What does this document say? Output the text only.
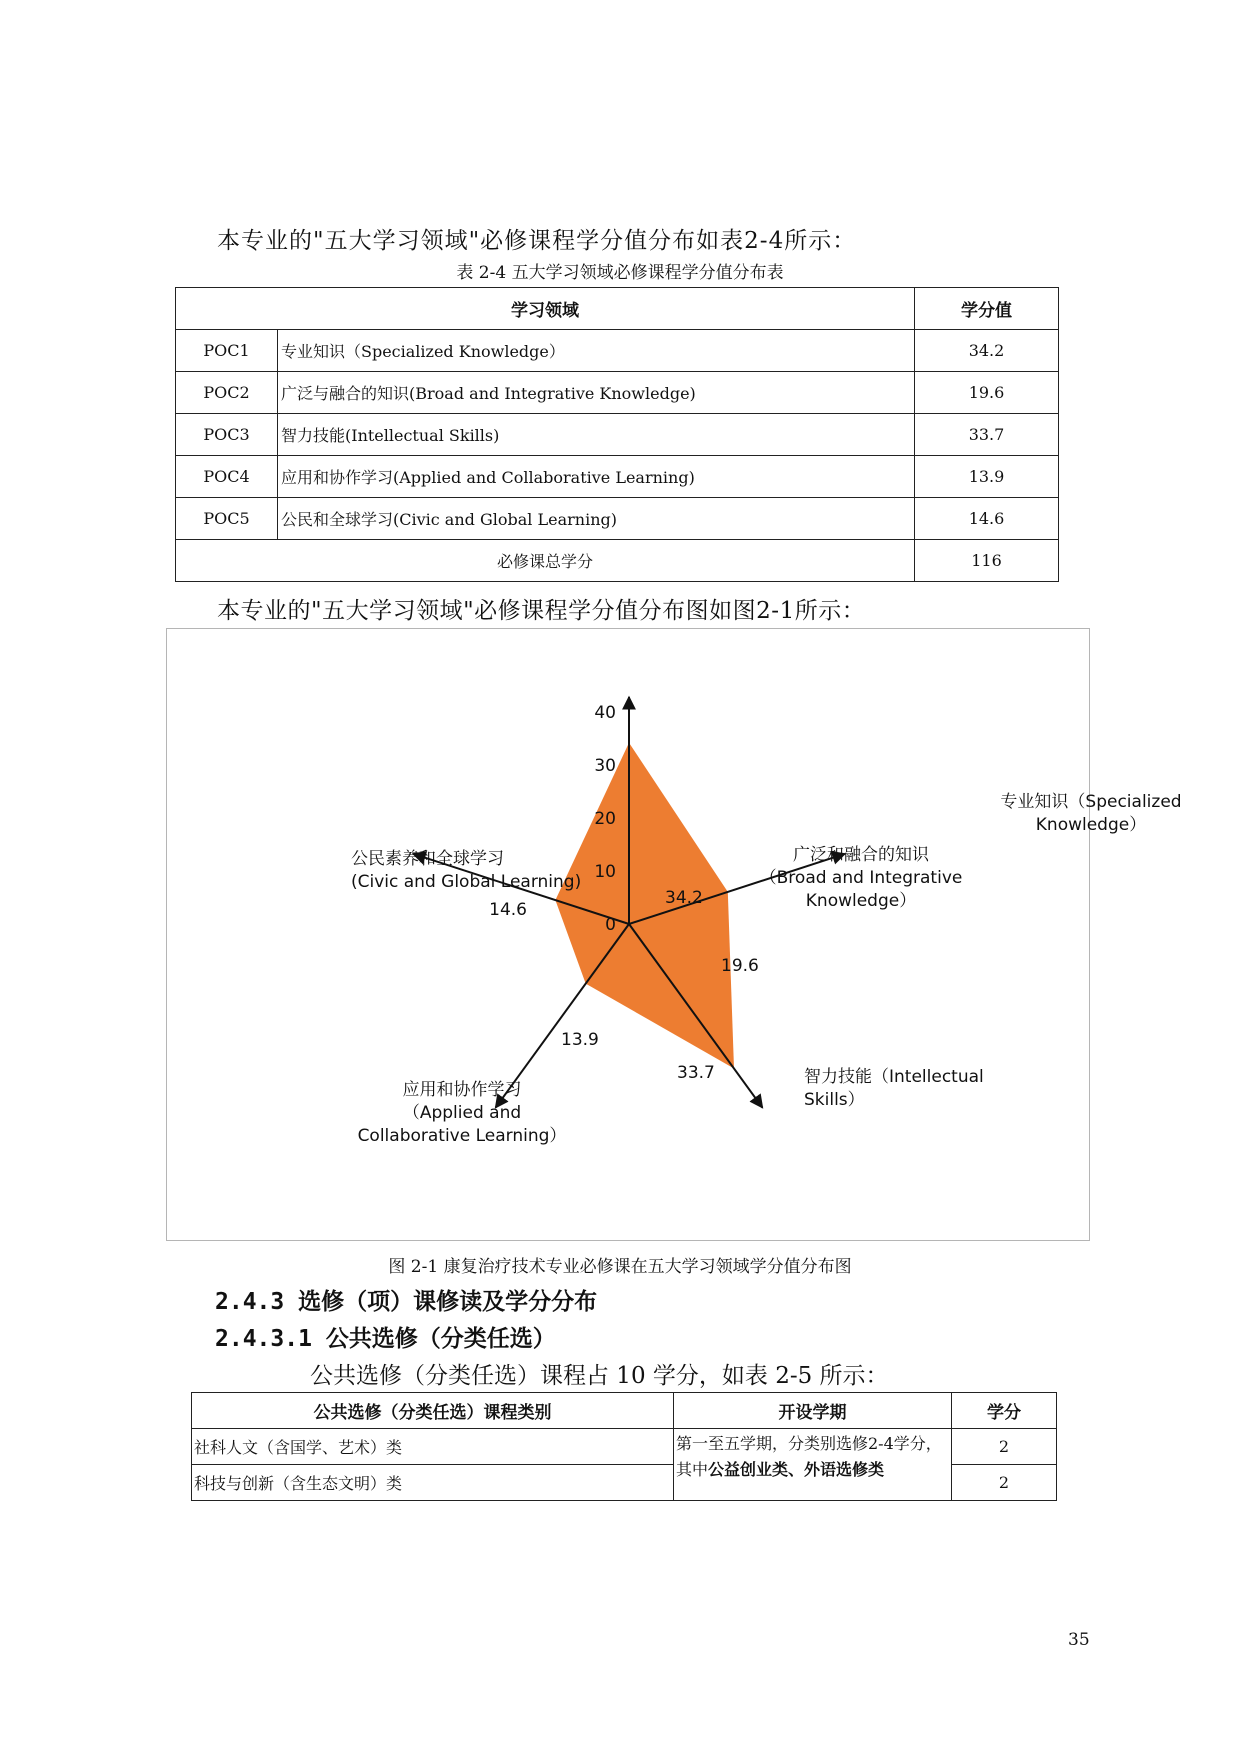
本专业的"五大学习领域"必修课程学分值分布如表2-4所示：
表 2-4 五大学习领域必修课程学分值分布表
学习领域		学分值
POC1	专业知识（Specialized Knowledge）	34.2
POC2	广泛与融合的知识(Broad and Integrative Knowledge)	19.6
POC3	智力技能(Intellectual Skills)	33.7
POC4	应用和协作学习(Applied and Collaborative Learning)	13.9
POC5	公民和全球学习(Civic and Global Learning)	14.6
必修课总学分		116
本专业的"五大学习领域"必修课程学分值分布图如图2-1所示：
0
10
20
30
40
专业知识（Specialized
Knowledge）
34.2
广泛和融合的知识
（Broad and Integrative
Knowledge）
19.6
智力技能（Intellectual
Skills）
33.7
应用和协作学习
（Applied and
Collaborative Learning）
13.9
公民素养和全球学习
(Civic and Global Learning)
14.6
图 2-1 康复治疗技术专业必修课在五大学习领域学分值分布图
2.4.3 选修（项）课修读及学分分布
2.4.3.1 公共选修（分类任选）
公共选修（分类任选）课程占 10 学分，如表 2-5 所示：
公共选修（分类任选）课程类别	开设学期	学分
社科人文（含国学、艺术）类	第一至五学期，分类别选修2-4学分，其中公益创业类、外语选修类	2
科技与创新（含生态文明）类		2
35
